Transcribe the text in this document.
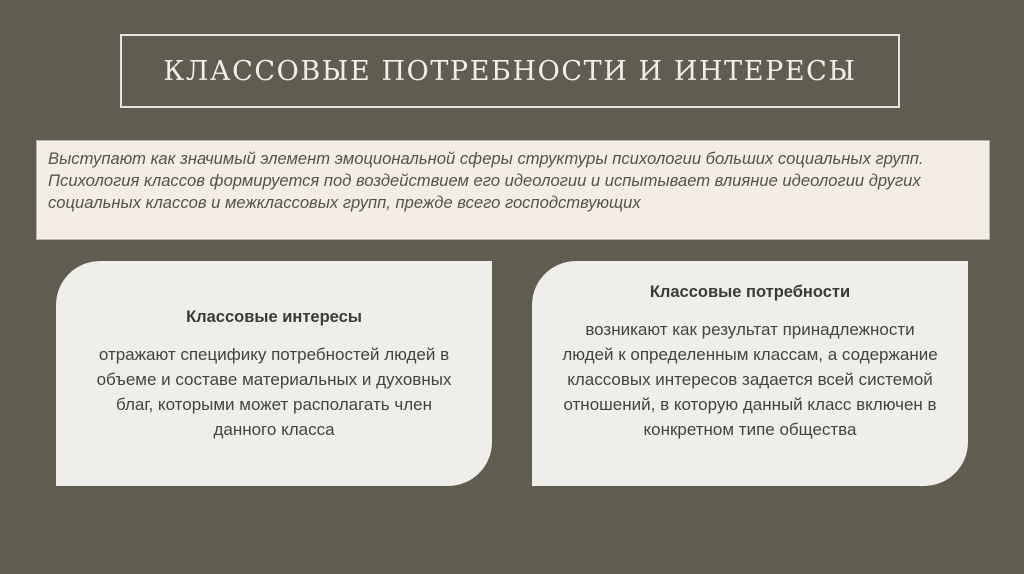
КЛАССОВЫЕ ПОТРЕБНОСТИ И ИНТЕРЕСЫ

Выступают как значимый элемент эмоциональной сферы структуры психологии больших социальных групп. Психология классов формируется под воздействием его идеологии и испытывает влияние идеологии других социальных классов и межклассовых групп, прежде всего господствующих

Классовые интересы

отражают специфику потребностей людей в объеме и составе материальных и духовных благ, которыми может располагать член данного класса

Классовые потребности

возникают как результат принадлежности людей к определенным классам, а содержание классовых интересов задается всей системой отношений, в которую данный класс включен в конкретном типе общества
